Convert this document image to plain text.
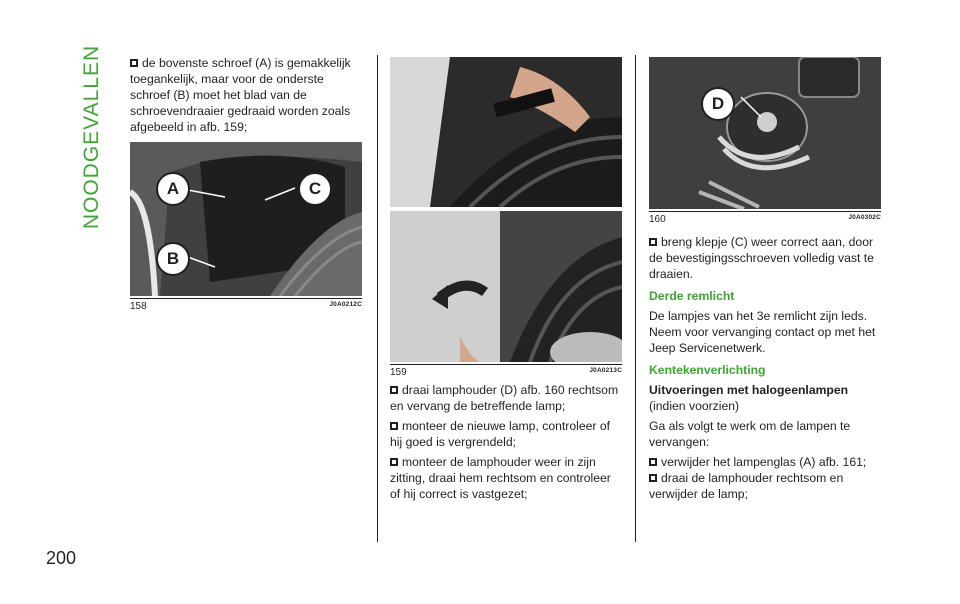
NOODGEVALLEN
200

de bovenste schroef (A) is gemakkelijk toegankelijk, maar voor de onderste schroef (B) moet het blad van de schroevendraaier gedraaid worden zoals afgebeeld in afb. 159;

A	C
B
158	J0A0212C
159	J0A0213C

draai lamphouder (D) afb. 160 rechtsom en vervang de betreffende lamp;

monteer de nieuwe lamp, controleer of hij goed is vergrendeld;

monteer de lamphouder weer in zijn zitting, draai hem rechtsom en controleer of hij correct is vastgezet;

D
160	J0A0302C

breng klepje (C) weer correct aan, door de bevestigingsschroeven volledig vast te draaien.

Derde remlicht

De lampjes van het 3e remlicht zijn leds. Neem voor vervanging contact op met het Jeep Servicenetwerk.

Kentekenverlichting

Uitvoeringen met halogeenlampen (indien voorzien)

Ga als volgt te werk om de lampen te vervangen:

verwijder het lampenglas (A) afb. 161;

draai de lamphouder rechtsom en verwijder de lamp;
